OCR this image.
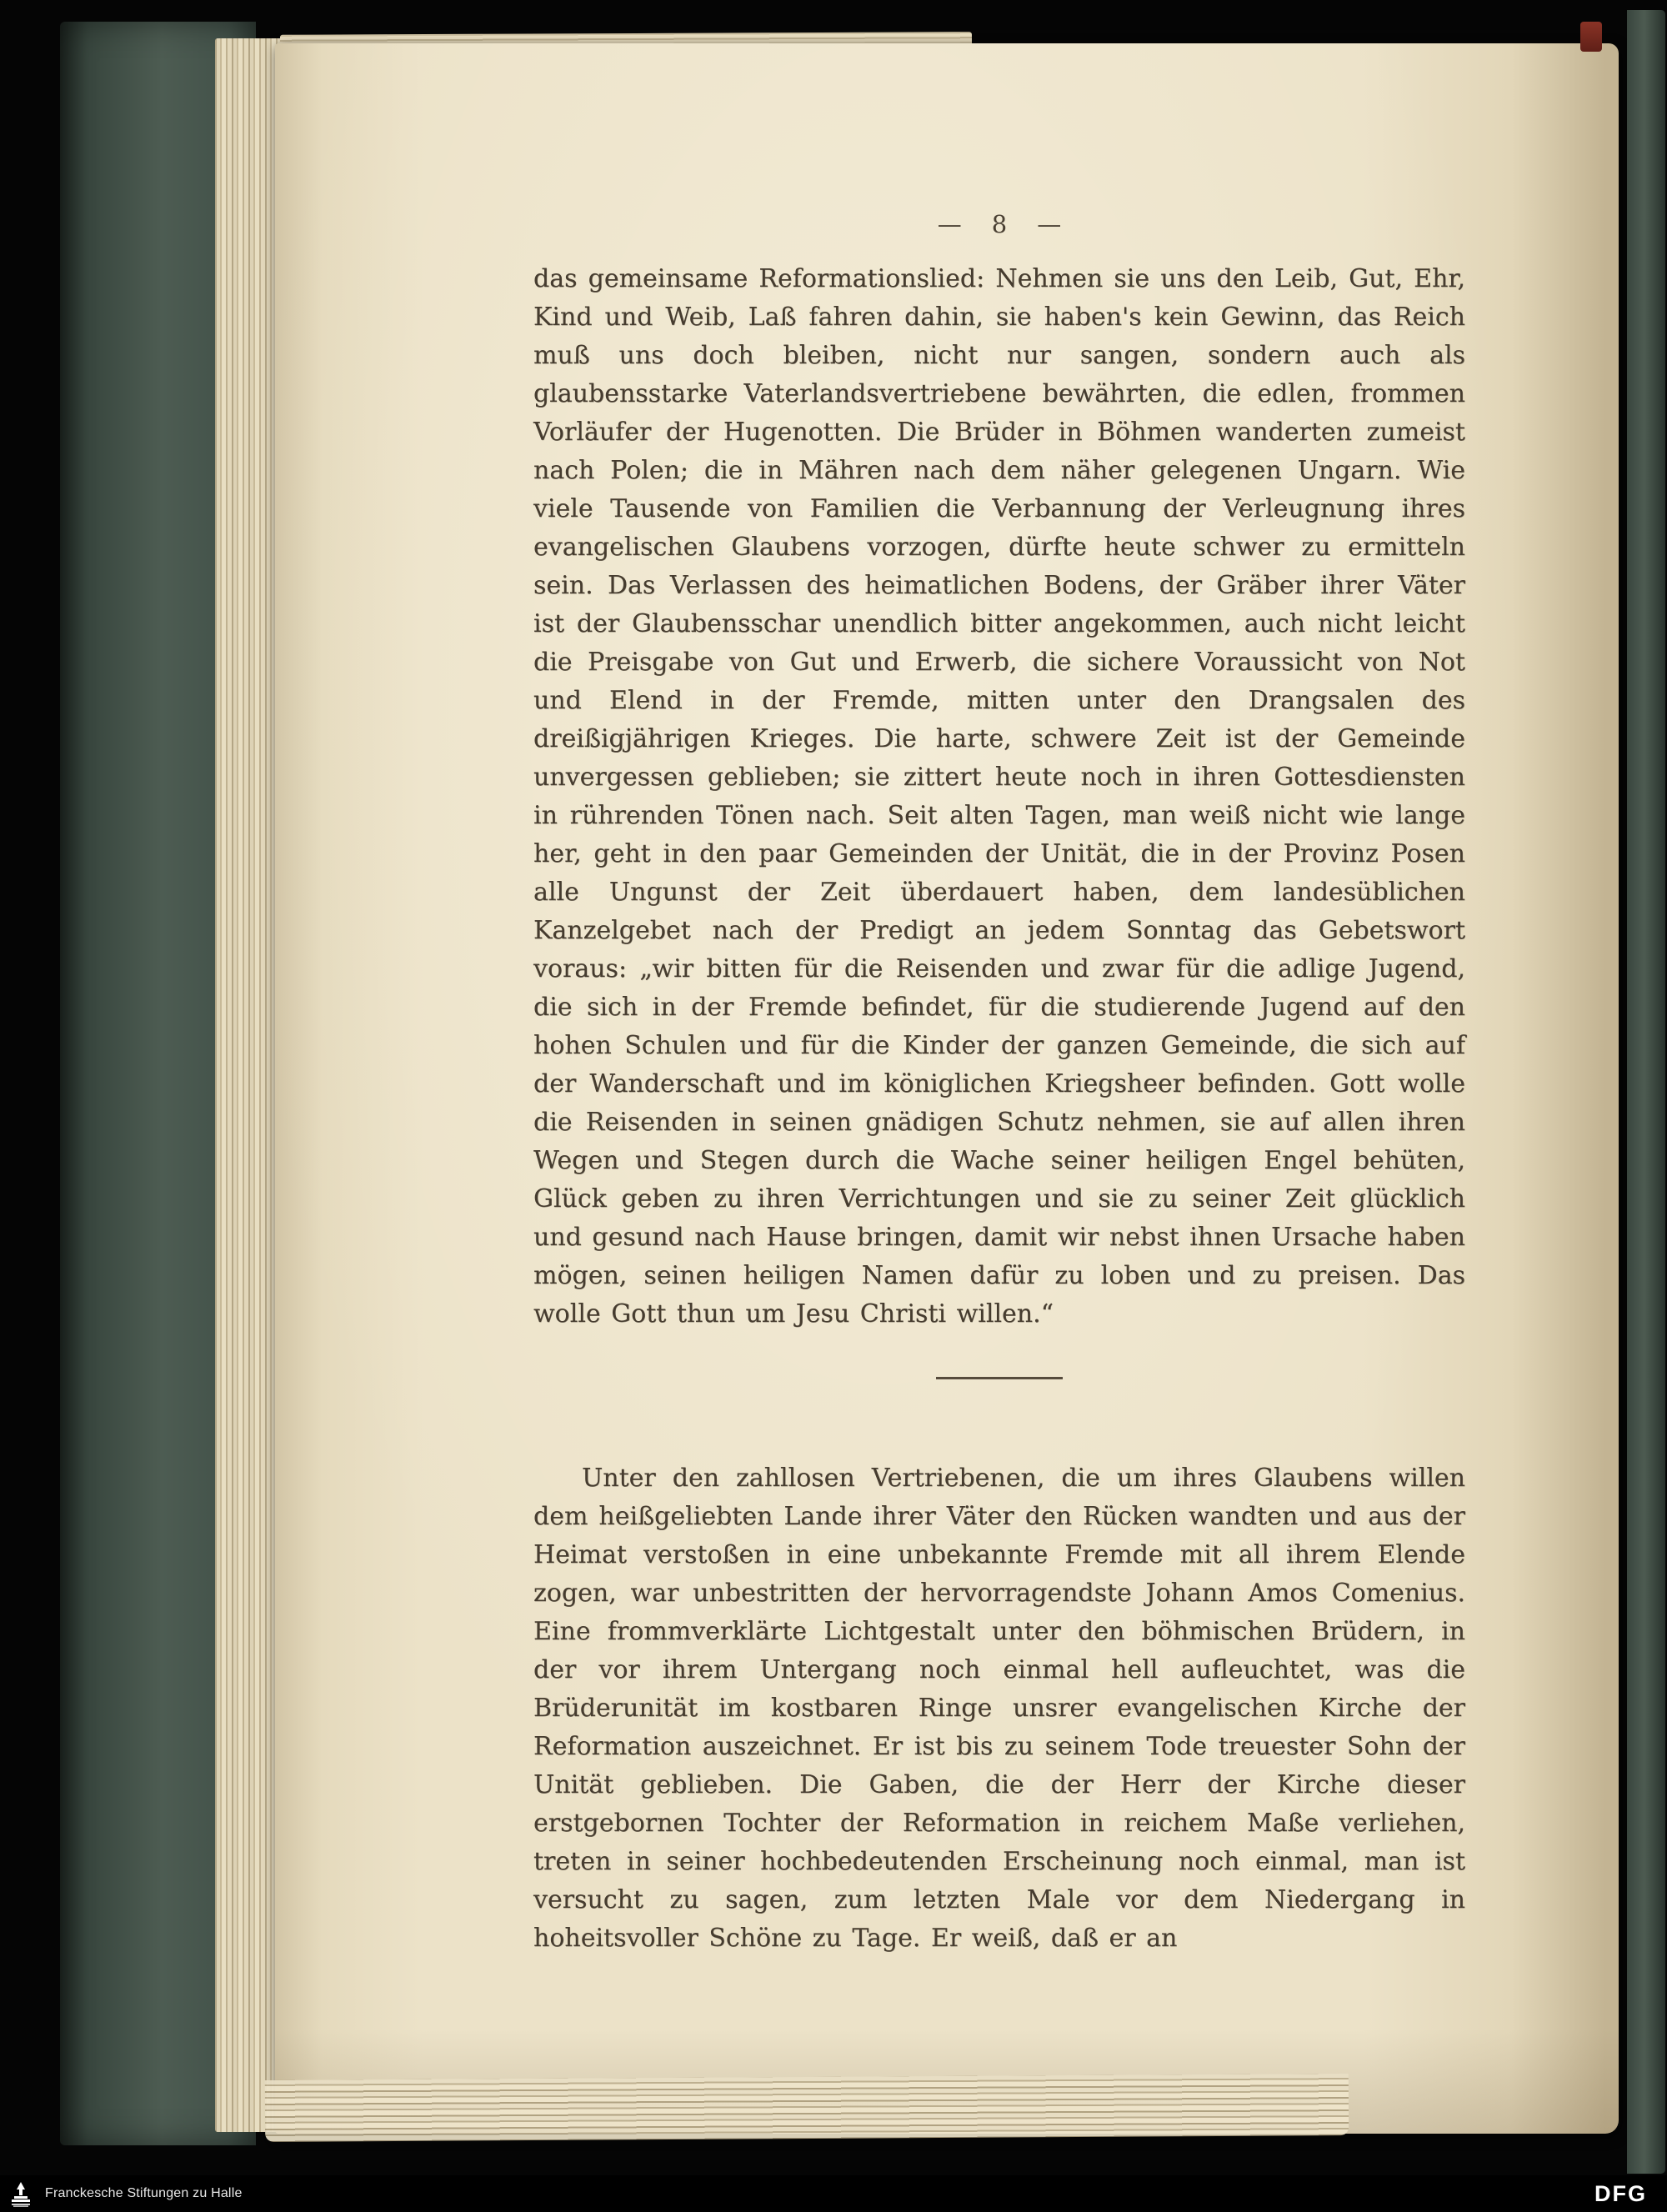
— 8 —

das gemeinsame Reformationslied: Nehmen sie uns den Leib, Gut, Ehr, Kind und Weib, Laß fahren dahin, sie haben's kein Gewinn, das Reich muß uns doch bleiben, nicht nur sangen, sondern auch als glaubensstarke Vaterlandsvertriebene bewährten, die edlen, frommen Vorläufer der Hugenotten. Die Brüder in Böhmen wanderten zumeist nach Polen; die in Mähren nach dem näher gelegenen Ungarn. Wie viele Tausende von Familien die Verbannung der Verleugnung ihres evangelischen Glaubens vorzogen, dürfte heute schwer zu ermitteln sein. Das Verlassen des heimatlichen Bodens, der Gräber ihrer Väter ist der Glaubensschar unendlich bitter angekommen, auch nicht leicht die Preisgabe von Gut und Erwerb, die sichere Voraussicht von Not und Elend in der Fremde, mitten unter den Drangsalen des dreißigjährigen Krieges. Die harte, schwere Zeit ist der Gemeinde unvergessen geblieben; sie zittert heute noch in ihren Gottesdiensten in rührenden Tönen nach. Seit alten Tagen, man weiß nicht wie lange her, geht in den paar Gemeinden der Unität, die in der Provinz Posen alle Ungunst der Zeit überdauert haben, dem landesüblichen Kanzelgebet nach der Predigt an jedem Sonntag das Gebetswort voraus: „wir bitten für die Reisenden und zwar für die adlige Jugend, die sich in der Fremde befindet, für die studierende Jugend auf den hohen Schulen und für die Kinder der ganzen Gemeinde, die sich auf der Wanderschaft und im königlichen Kriegsheer befinden. Gott wolle die Reisenden in seinen gnädigen Schutz nehmen, sie auf allen ihren Wegen und Stegen durch die Wache seiner heiligen Engel behüten, Glück geben zu ihren Verrichtungen und sie zu seiner Zeit glücklich und gesund nach Hause bringen, damit wir nebst ihnen Ursache haben mögen, seinen heiligen Namen dafür zu loben und zu preisen. Das wolle Gott thun um Jesu Christi willen.“

Unter den zahllosen Vertriebenen, die um ihres Glaubens willen dem heißgeliebten Lande ihrer Väter den Rücken wandten und aus der Heimat verstoßen in eine unbekannte Fremde mit all ihrem Elende zogen, war unbestritten der hervorragendste Johann Amos Comenius. Eine frommverklärte Lichtgestalt unter den böhmischen Brüdern, in der vor ihrem Untergang noch einmal hell aufleuchtet, was die Brüderunität im kostbaren Ringe unsrer evangelischen Kirche der Reformation auszeichnet. Er ist bis zu seinem Tode treuester Sohn der Unität geblieben. Die Gaben, die der Herr der Kirche dieser erstgebornen Tochter der Reformation in reichem Maße verliehen, treten in seiner hochbedeutenden Erscheinung noch einmal, man ist versucht zu sagen, zum letzten Male vor dem Niedergang in hoheitsvoller Schöne zu Tage. Er weiß, daß er an

Franckesche Stiftungen zu Halle	DFG
